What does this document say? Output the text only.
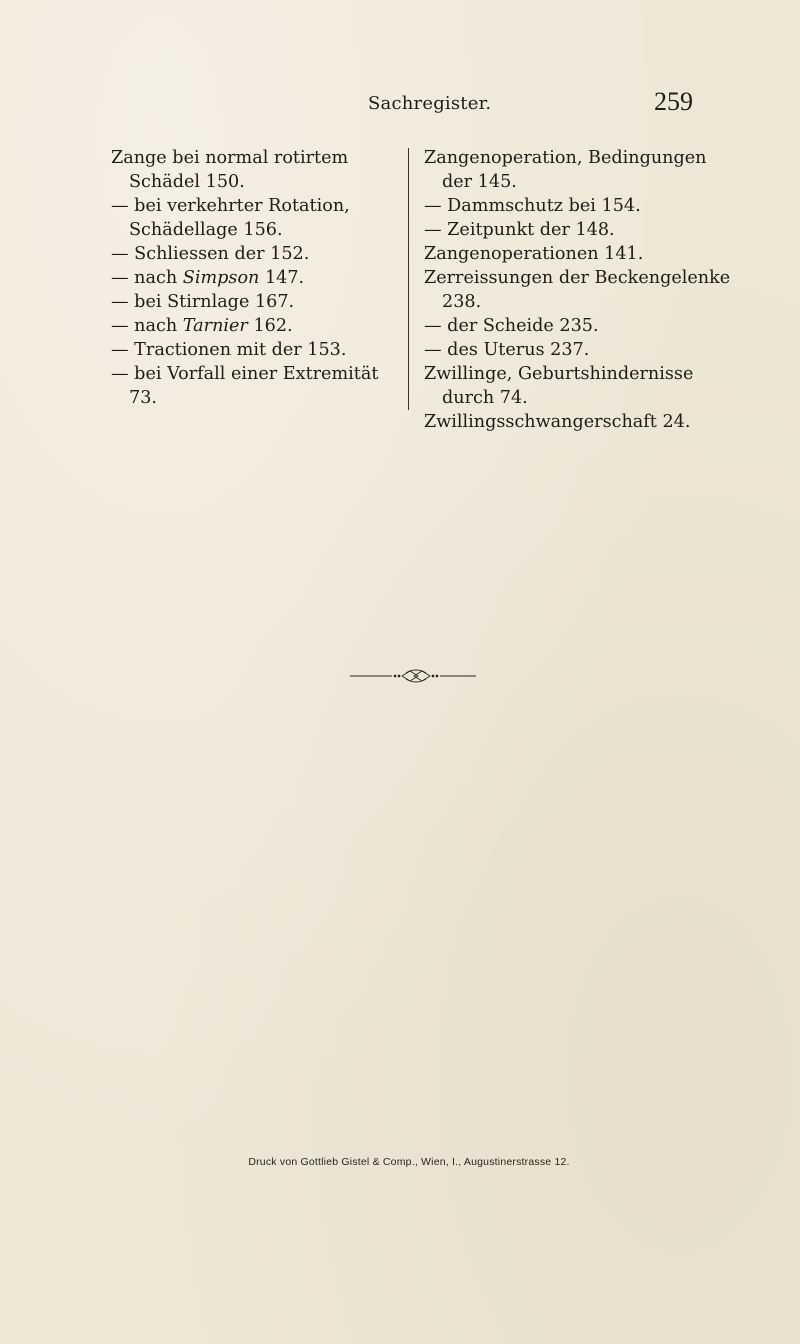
Sachregister.	259
Zange bei normal rotirtem Schädel 150.
— bei verkehrter Rotation, Schädellage 156.
— Schliessen der 152.
— nach Simpson 147.
— bei Stirnlage 167.
— nach Tarnier 162.
— Tractionen mit der 153.
— bei Vorfall einer Extremität 73.
Zangenoperation, Bedingungen der 145.
— Dammschutz bei 154.
— Zeitpunkt der 148.
Zangenoperationen 141.
Zerreissungen der Beckengelenke 238.
— der Scheide 235.
— des Uterus 237.
Zwillinge, Geburtshindernisse durch 74.
Zwillingsschwangerschaft 24.
Druck von Gottlieb Gistel & Comp., Wien, I., Augustinerstrasse 12.
